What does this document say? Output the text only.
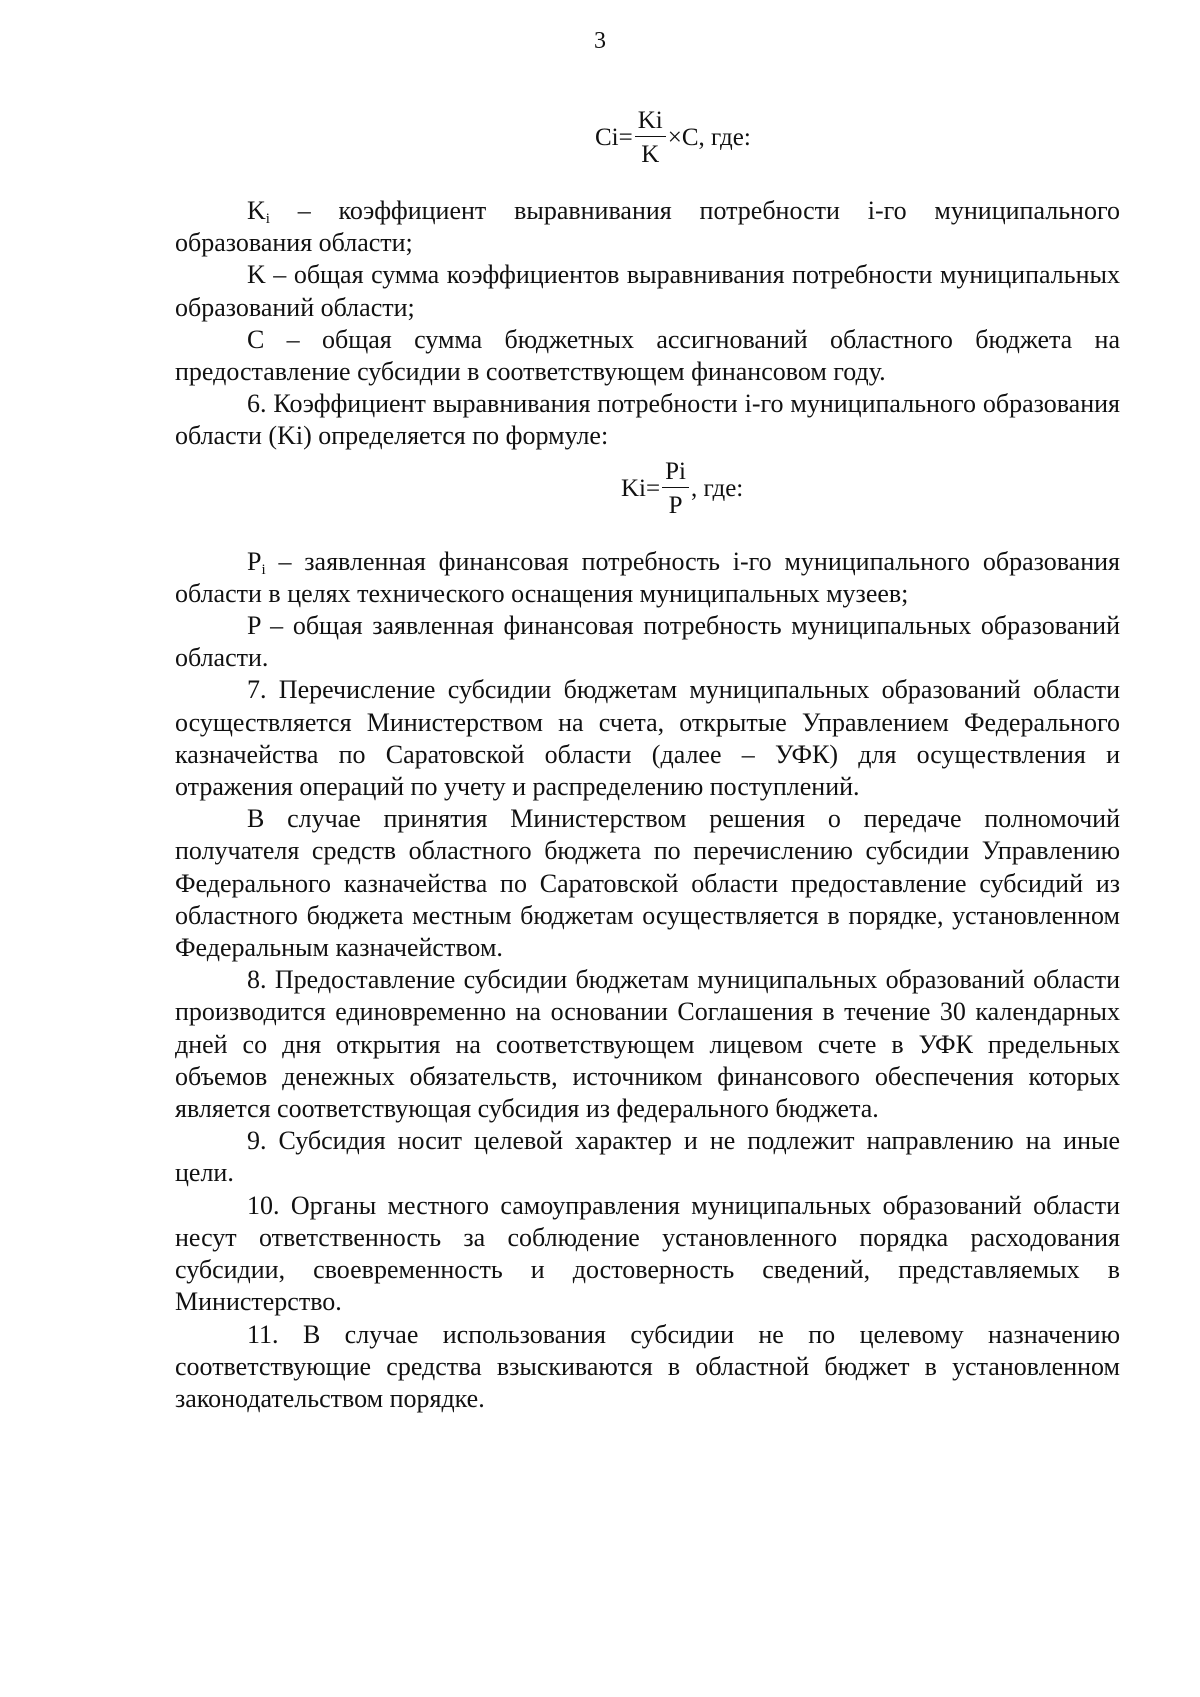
3
$Ci= \frac{Ki}{K} \times C$, где:

$K_i$ – коэффициент выравнивания потребности i-го муниципального образования области;

K – общая сумма коэффициентов выравнивания потребности муниципальных образований области;

C – общая сумма бюджетных ассигнований областного бюджета на предоставление субсидии в соответствующем финансовом году.

6. Коэффициент выравнивания потребности i-го муниципального образования области (Ki) определяется по формуле:

$Ki= \frac{Pi}{P}$ , где:

$P_i$ – заявленная финансовая потребность i-го муниципального образования области в целях технического оснащения муниципальных музеев;

P – общая заявленная финансовая потребность муниципальных образований области.

7. Перечисление субсидии бюджетам муниципальных образований области осуществляется Министерством на счета, открытые Управлением Федерального казначейства по Саратовской области (далее – УФК) для осуществления и отражения операций по учету и распределению поступлений.

В случае принятия Министерством решения о передаче полномочий получателя средств областного бюджета по перечислению субсидии Управлению Федерального казначейства по Саратовской области предоставление субсидий из областного бюджета местным бюджетам осуществляется в порядке, установленном Федеральным казначейством.

8. Предоставление субсидии бюджетам муниципальных образований области производится единовременно на основании Соглашения в течение 30 календарных дней со дня открытия на соответствующем лицевом счете в УФК предельных объемов денежных обязательств, источником финансового обеспечения которых является соответствующая субсидия из федерального бюджета.

9. Субсидия носит целевой характер и не подлежит направлению на иные цели.

10. Органы местного самоуправления муниципальных образований области несут ответственность за соблюдение установленного порядка расходования субсидии, своевременность и достоверность сведений, представляемых в Министерство.

11. В случае использования субсидии не по целевому назначению соответствующие средства взыскиваются в областной бюджет в установленном законодательством порядке.
